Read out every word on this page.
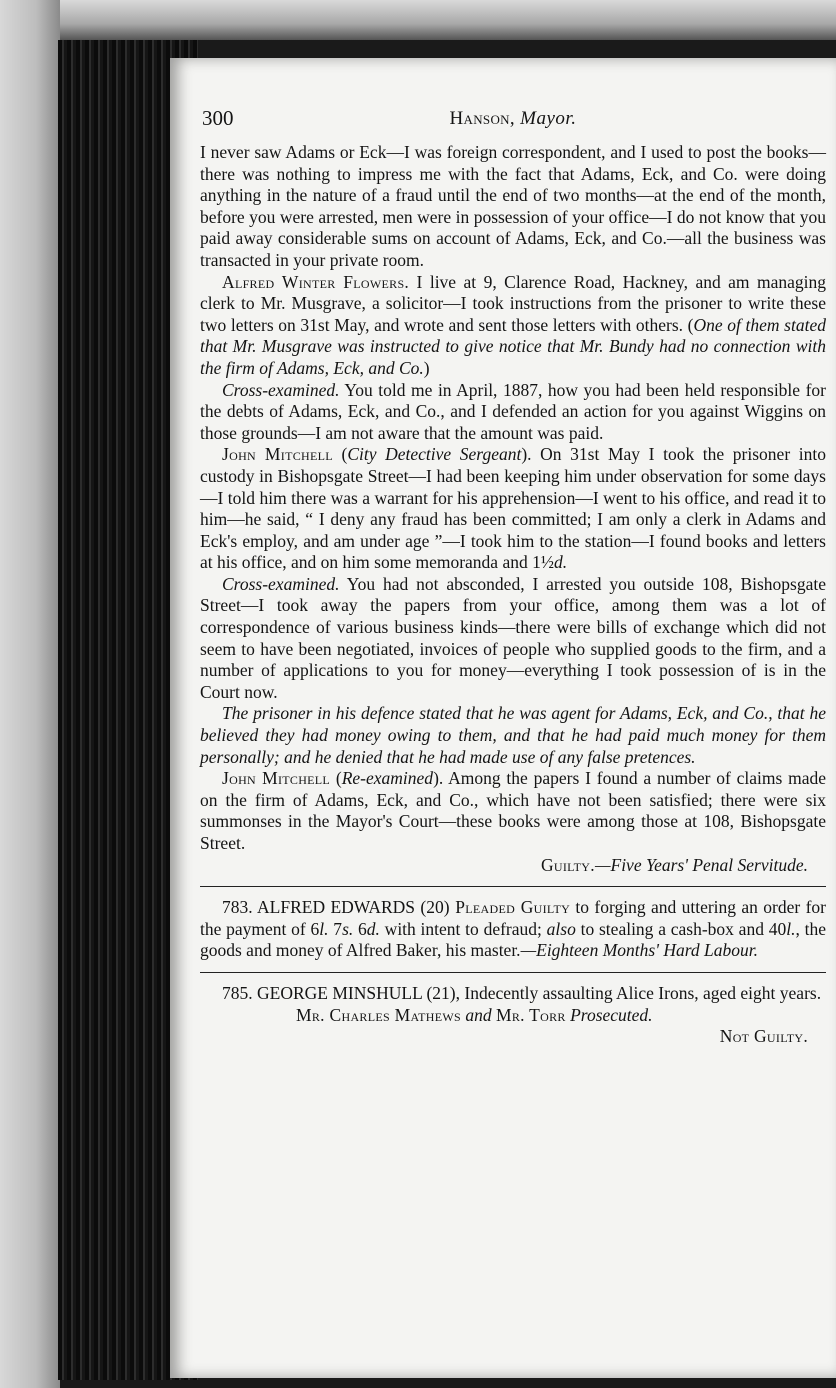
300	Hanson, Mayor.

I never saw Adams or Eck—I was foreign correspondent, and I used to post the books—there was nothing to impress me with the fact that Adams, Eck, and Co. were doing anything in the nature of a fraud until the end of two months—at the end of the month, before you were arrested, men were in possession of your office—I do not know that you paid away considerable sums on account of Adams, Eck, and Co.—all the business was transacted in your private room.

Alfred Winter Flowers. I live at 9, Clarence Road, Hackney, and am managing clerk to Mr. Musgrave, a solicitor—I took instructions from the prisoner to write these two letters on 31st May, and wrote and sent those letters with others. (One of them stated that Mr. Musgrave was instructed to give notice that Mr. Bundy had no connection with the firm of Adams, Eck, and Co.)

Cross-examined. You told me in April, 1887, how you had been held responsible for the debts of Adams, Eck, and Co., and I defended an action for you against Wiggins on those grounds—I am not aware that the amount was paid.

John Mitchell (City Detective Sergeant). On 31st May I took the prisoner into custody in Bishopsgate Street—I had been keeping him under observation for some days—I told him there was a warrant for his apprehension—I went to his office, and read it to him—he said, “ I deny any fraud has been committed; I am only a clerk in Adams and Eck's employ, and am under age ”—I took him to the station—I found books and letters at his office, and on him some memoranda and 1½d.

Cross-examined. You had not absconded, I arrested you outside 108, Bishopsgate Street—I took away the papers from your office, among them was a lot of correspondence of various business kinds—there were bills of exchange which did not seem to have been negotiated, invoices of people who supplied goods to the firm, and a number of applications to you for money—everything I took possession of is in the Court now.

The prisoner in his defence stated that he was agent for Adams, Eck, and Co., that he believed they had money owing to them, and that he had paid much money for them personally; and he denied that he had made use of any false pretences.

John Mitchell (Re-examined). Among the papers I found a number of claims made on the firm of Adams, Eck, and Co., which have not been satisfied; there were six summonses in the Mayor's Court—these books were among those at 108, Bishopsgate Street.

Guilty.—Five Years' Penal Servitude.

783. ALFRED EDWARDS (20) Pleaded Guilty to forging and uttering an order for the payment of 6l. 7s. 6d. with intent to defraud; also to stealing a cash-box and 40l., the goods and money of Alfred Baker, his master.—Eighteen Months' Hard Labour.

785. GEORGE MINSHULL (21), Indecently assaulting Alice Irons, aged eight years.

Mr. Charles Mathews and Mr. Torr Prosecuted.

Not Guilty.
